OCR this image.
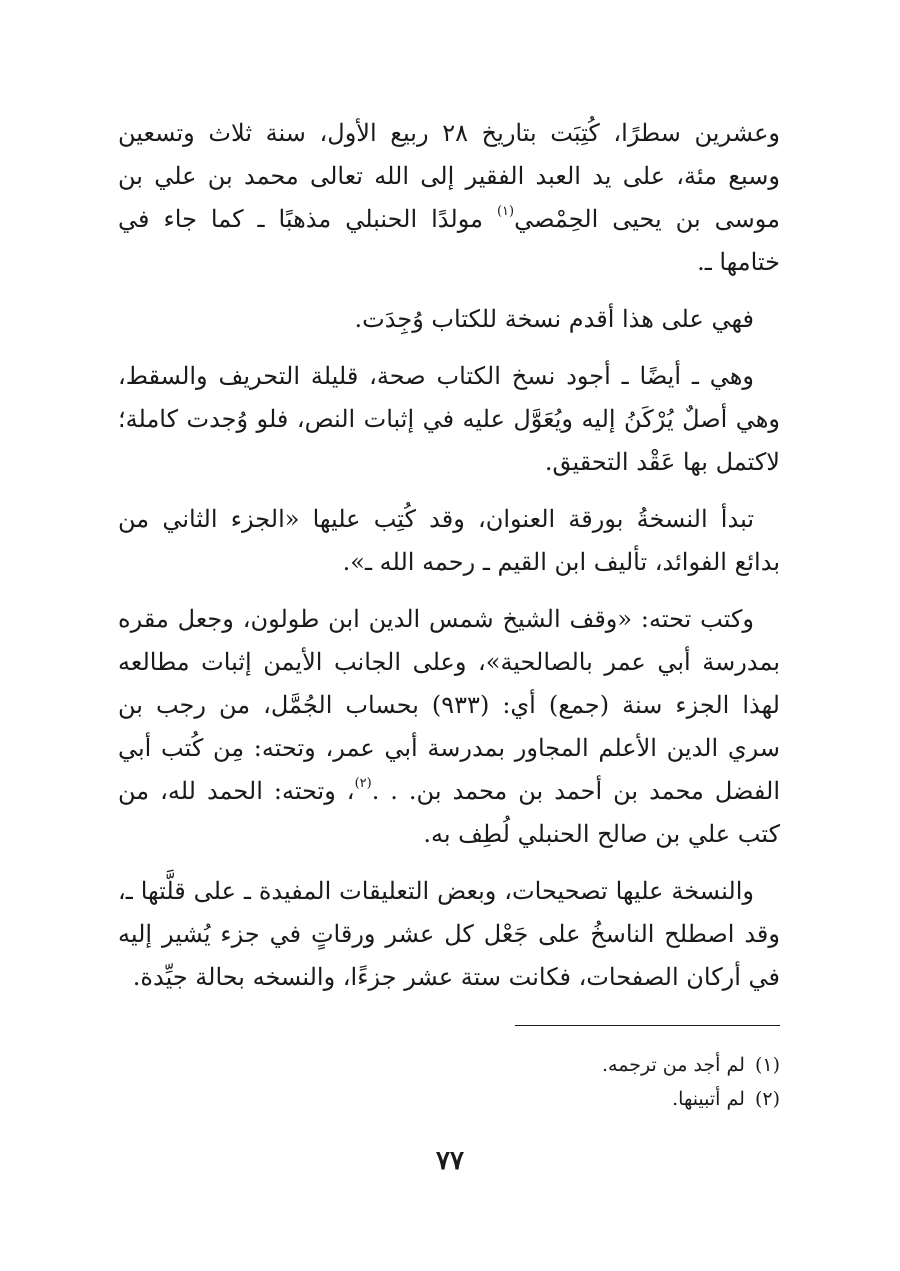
وعشرين سطرًا، كُتِبَت بتاريخ ٢٨ ربيع الأول، سنة ثلاث وتسعين وسبع مئة، على يد العبد الفقير إلى الله تعالى محمد بن علي بن موسى بن يحيى الحِمْصي$^{(١)}$ مولدًا الحنبلي مذهبًا ـ كما جاء في ختامها ـ.

فهي على هذا أقدم نسخة للكتاب وُجِدَت.

وهي ـ أيضًا ـ أجود نسخ الكتاب صحة، قليلة التحريف والسقط، وهي أصلٌ يُرْكَنُ إليه ويُعَوَّل عليه في إثبات النص، فلو وُجدت كاملة؛ لاكتمل بها عَقْد التحقيق.

تبدأ النسخةُ بورقة العنوان، وقد كُتِب عليها «الجزء الثاني من بدائع الفوائد، تأليف ابن القيم ـ رحمه الله ـ».

وكتب تحته: «وقف الشيخ شمس الدين ابن طولون، وجعل مقره بمدرسة أبي عمر بالصالحية»، وعلى الجانب الأيمن إثبات مطالعه لهذا الجزء سنة (جمع) أي: (٩٣٣) بحساب الجُمَّل، من رجب بن سري الدين الأعلم المجاور بمدرسة أبي عمر، وتحته: مِن كُتب أبي الفضل محمد بن أحمد بن محمد بن. . .$^{(٢)}$، وتحته: الحمد لله، من كتب علي بن صالح الحنبلي لُطِف به.

والنسخة عليها تصحيحات، وبعض التعليقات المفيدة ـ على قلَّتها ـ، وقد اصطلح الناسخُ على جَعْل كل عشر ورقاتٍ في جزء يُشير إليه في أركان الصفحات، فكانت ستة عشر جزءًا، والنسخه بحالة جيِّدة.

(١)لم أجد من ترجمه.

(٢)لم أتبينها.

٧٧
